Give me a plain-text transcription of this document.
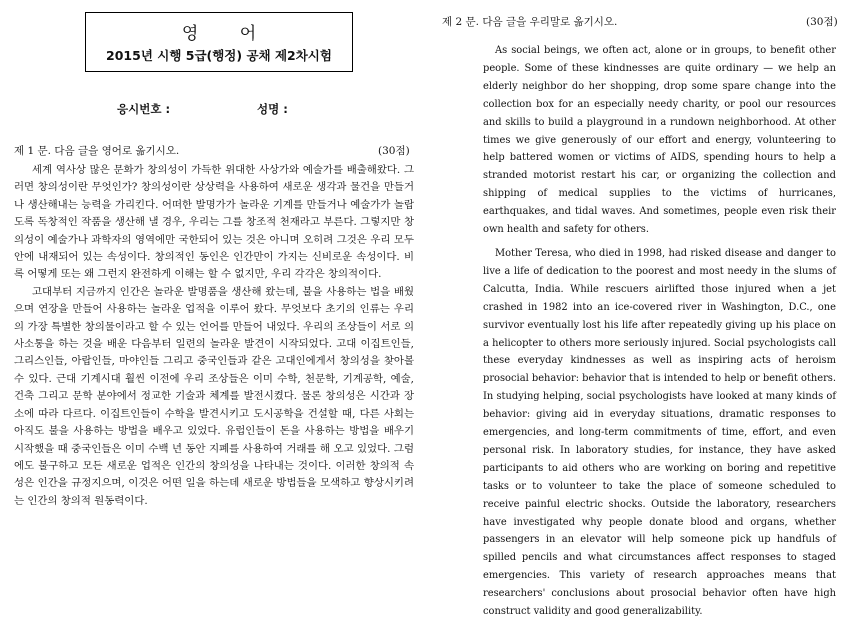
영 어
2015년 시행 5급(행정) 공채 제2차시험
응시번호 :	성명 :
제 1 문. 다음 글을 영어로 옮기시오.	(30점)

세계 역사상 많은 문화가 창의성이 가득한 위대한 사상가와 예술가를 배출해왔다. 그러면 창의성이란 무엇인가? 창의성이란 상상력을 사용하여 새로운 생각과 물건을 만들거나 생산해내는 능력을 가리킨다. 어떠한 발명가가 놀라운 기계를 만들거나 예술가가 놀랍도록 독창적인 작품을 생산해 낼 경우, 우리는 그를 창조적 천재라고 부른다. 그렇지만 창의성이 예술가나 과학자의 영역에만 국한되어 있는 것은 아니며 오히려 그것은 우리 모두 안에 내재되어 있는 속성이다. 창의적인 동인은 인간만이 가지는 신비로운 속성이다. 비록 어떻게 또는 왜 그런지 완전하게 이해는 할 수 없지만, 우리 각각은 창의적이다.

고대부터 지금까지 인간은 놀라운 발명품을 생산해 왔는데, 불을 사용하는 법을 배웠으며 연장을 만들어 사용하는 놀라운 업적을 이루어 왔다. 무엇보다 초기의 인류는 우리의 가장 특별한 창의물이라고 할 수 있는 언어를 만들어 내었다. 우리의 조상들이 서로 의사소통을 하는 것을 배운 다음부터 일련의 놀라운 발견이 시작되었다. 고대 이집트인들, 그리스인들, 아랍인들, 마야인들 그리고 중국인들과 같은 고대인에게서 창의성을 찾아볼 수 있다. 근대 기계시대 훨씬 이전에 우리 조상들은 이미 수학, 천문학, 기계공학, 예술, 건축 그리고 문학 분야에서 정교한 기술과 체계를 발전시켰다. 물론 창의성은 시간과 장소에 따라 다르다. 이집트인들이 수학을 발견시키고 도시공학을 건설할 때, 다른 사회는 아직도 불을 사용하는 방법을 배우고 있었다. 유럽인들이 돈을 사용하는 방법을 배우기 시작했을 때 중국인들은 이미 수백 년 동안 지폐를 사용하여 거래를 해 오고 있었다. 그럼에도 불구하고 모든 새로운 업적은 인간의 창의성을 나타내는 것이다. 이러한 창의적 속성은 인간을 규정지으며, 이것은 어떤 일을 하는데 새로운 방법들을 모색하고 향상시키려는 인간의 창의적 원동력이다.

제 2 문. 다음 글을 우리말로 옮기시오.	(30점)

As social beings, we often act, alone or in groups, to benefit other people. Some of these kindnesses are quite ordinary — we help an elderly neighbor do her shopping, drop some spare change into the collection box for an especially needy charity, or pool our resources and skills to build a playground in a rundown neighborhood. At other times we give generously of our effort and energy, volunteering to help battered women or victims of AIDS, spending hours to help a stranded motorist restart his car, or organizing the collection and shipping of medical supplies to the victims of hurricanes, earthquakes, and tidal waves. And sometimes, people even risk their own health and safety for others.

Mother Teresa, who died in 1998, had risked disease and danger to live a life of dedication to the poorest and most needy in the slums of Calcutta, India. While rescuers airlifted those injured when a jet crashed in 1982 into an ice-covered river in Washington, D.C., one survivor eventually lost his life after repeatedly giving up his place on a helicopter to others more seriously injured. Social psychologists call these everyday kindnesses as well as inspiring acts of heroism prosocial behavior: behavior that is intended to help or benefit others. In studying helping, social psychologists have looked at many kinds of behavior: giving aid in everyday situations, dramatic responses to emergencies, and long-term commitments of time, effort, and even personal risk. In laboratory studies, for instance, they have asked participants to aid others who are working on boring and repetitive tasks or to volunteer to take the place of someone scheduled to receive painful electric shocks. Outside the laboratory, researchers have investigated why people donate blood and organs, whether passengers in an elevator will help someone pick up handfuls of spilled pencils and what circumstances affect responses to staged emergencies. This variety of research approaches means that researchers' conclusions about prosocial behavior often have high construct validity and good generalizability.
